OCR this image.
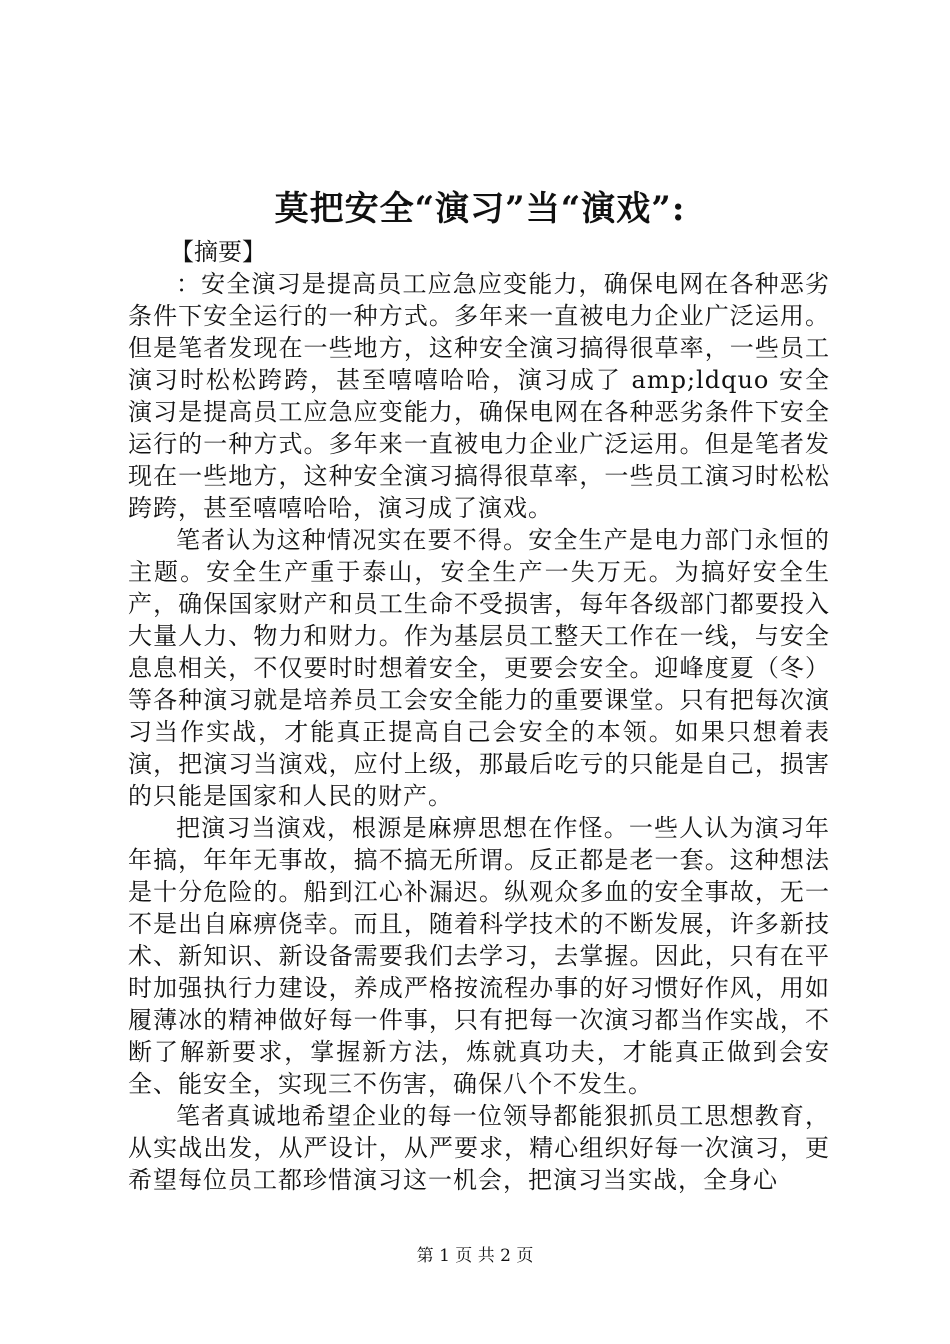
莫把安全“演习”当“演戏”:
【摘要】

：安全演习是提高员工应急应变能力，确保电网在各种恶劣条件下安全运行的一种方式。多年来一直被电力企业广泛运用。但是笔者发现在一些地方，这种安全演习搞得很草率，一些员工演习时松松跨跨，甚至嘻嘻哈哈，演习成了 amp;ldquo 安全演习是提高员工应急应变能力，确保电网在各种恶劣条件下安全运行的一种方式。多年来一直被电力企业广泛运用。但是笔者发现在一些地方，这种安全演习搞得很草率，一些员工演习时松松跨跨，甚至嘻嘻哈哈，演习成了演戏。

笔者认为这种情况实在要不得。安全生产是电力部门永恒的主题。安全生产重于泰山，安全生产一失万无。为搞好安全生产，确保国家财产和员工生命不受损害，每年各级部门都要投入大量人力、物力和财力。作为基层员工整天工作在一线，与安全息息相关，不仅要时时想着安全，更要会安全。迎峰度夏（冬）等各种演习就是培养员工会安全能力的重要课堂。只有把每次演习当作实战，才能真正提高自己会安全的本领。如果只想着表演，把演习当演戏，应付上级，那最后吃亏的只能是自己，损害的只能是国家和人民的财产。

把演习当演戏，根源是麻痹思想在作怪。一些人认为演习年年搞，年年无事故，搞不搞无所谓。反正都是老一套。这种想法是十分危险的。船到江心补漏迟。纵观众多血的安全事故，无一不是出自麻痹侥幸。而且，随着科学技术的不断发展，许多新技术、新知识、新设备需要我们去学习，去掌握。因此，只有在平时加强执行力建设，养成严格按流程办事的好习惯好作风，用如履薄冰的精神做好每一件事，只有把每一次演习都当作实战，不断了解新要求，掌握新方法，炼就真功夫，才能真正做到会安全、能安全，实现三不伤害，确保八个不发生。

笔者真诚地希望企业的每一位领导都能狠抓员工思想教育，从实战出发，从严设计，从严要求，精心组织好每一次演习，更希望每位员工都珍惜演习这一机会，把演习当实战，全身心

第 1 页 共 2 页
